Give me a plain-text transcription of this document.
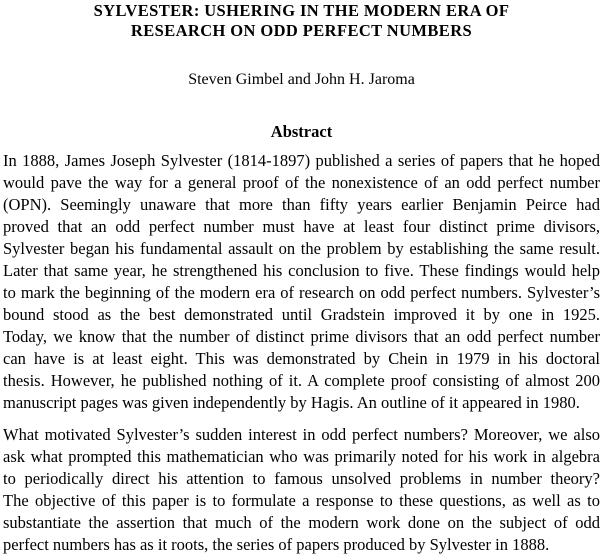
SYLVESTER: USHERING IN THE MODERN ERA OF
RESEARCH ON ODD PERFECT NUMBERS

Steven Gimbel and John H. Jaroma

Abstract
In 1888, James Joseph Sylvester (1814-1897) published a series of papers that he hoped
would pave the way for a general proof of the nonexistence of an odd perfect number
(OPN). Seemingly unaware that more than fifty years earlier Benjamin Peirce had
proved that an odd perfect number must have at least four distinct prime divisors,
Sylvester began his fundamental assault on the problem by establishing the same result.
Later that same year, he strengthened his conclusion to five. These findings would help
to mark the beginning of the modern era of research on odd perfect numbers. Sylvester’s
bound stood as the best demonstrated until Gradstein improved it by one in 1925.
Today, we know that the number of distinct prime divisors that an odd perfect number
can have is at least eight. This was demonstrated by Chein in 1979 in his doctoral
thesis. However, he published nothing of it. A complete proof consisting of almost 200
manuscript pages was given independently by Hagis. An outline of it appeared in 1980.
What motivated Sylvester’s sudden interest in odd perfect numbers? Moreover, we also
ask what prompted this mathematician who was primarily noted for his work in algebra
to periodically direct his attention to famous unsolved problems in number theory?
The objective of this paper is to formulate a response to these questions, as well as to
substantiate the assertion that much of the modern work done on the subject of odd
perfect numbers has as it roots, the series of papers produced by Sylvester in 1888.
